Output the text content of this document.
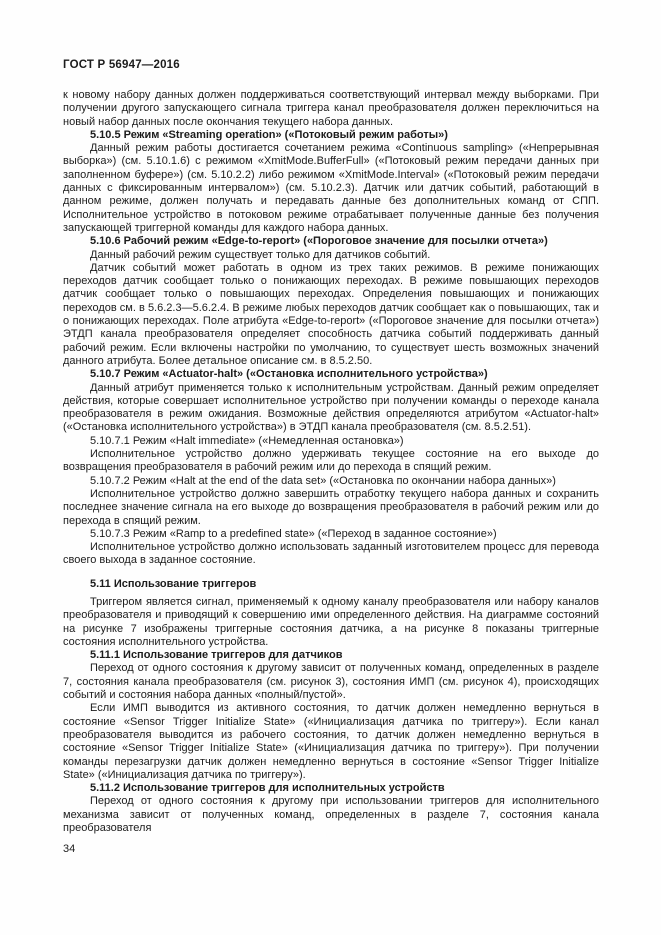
ГОСТ Р 56947—2016
к новому набору данных должен поддерживаться соответствующий интервал между выборками. При получении другого запускающего сигнала триггера канал преобразователя должен переключиться на новый набор данных после окончания текущего набора данных.
5.10.5 Режим «Streaming operation» («Потоковый режим работы»)
Данный режим работы достигается сочетанием режима «Continuous sampling» («Непрерывная выборка») (см. 5.10.1.6) с режимом «XmitMode.BufferFull» («Потоковый режим передачи данных при заполненном буфере») (см. 5.10.2.2) либо режимом «XmitMode.Interval» («Потоковый режим передачи данных с фиксированным интервалом») (см. 5.10.2.3). Датчик или датчик событий, работающий в данном режиме, должен получать и передавать данные без дополнительных команд от СПП. Исполнительное устройство в потоковом режиме отрабатывает полученные данные без получения запускающей триггерной команды для каждого набора данных.
5.10.6 Рабочий режим «Edge-to-report» («Пороговое значение для посылки отчета»)
Данный рабочий режим существует только для датчиков событий.
Датчик событий может работать в одном из трех таких режимов. В режиме понижающих переходов датчик сообщает только о понижающих переходах. В режиме повышающих переходов датчик сообщает только о повышающих переходах. Определения повышающих и понижающих переходов см. в 5.6.2.3—5.6.2.4. В режиме любых переходов датчик сообщает как о повышающих, так и о понижающих переходах. Поле атрибута «Edge-to-report» («Пороговое значение для посылки отчета») ЭТДП канала преобразователя определяет способность датчика событий поддерживать данный рабочий режим. Если включены настройки по умолчанию, то существует шесть возможных значений данного атрибута. Более детальное описание см. в 8.5.2.50.
5.10.7 Режим «Actuator-halt» («Остановка исполнительного устройства»)
Данный атрибут применяется только к исполнительным устройствам. Данный режим определяет действия, которые совершает исполнительное устройство при получении команды о переходе канала преобразователя в режим ожидания. Возможные действия определяются атрибутом «Actuator-halt» («Остановка исполнительного устройства») в ЭТДП канала преобразователя (см. 8.5.2.51).
5.10.7.1 Режим «Halt immediate» («Немедленная остановка»)
Исполнительное устройство должно удерживать текущее состояние на его выходе до возвращения преобразователя в рабочий режим или до перехода в спящий режим.
5.10.7.2 Режим «Halt at the end of the data set» («Остановка по окончании набора данных»)
Исполнительное устройство должно завершить отработку текущего набора данных и сохранить последнее значение сигнала на его выходе до возвращения преобразователя в рабочий режим или до перехода в спящий режим.
5.10.7.3 Режим «Ramp to a predefined state» («Переход в заданное состояние»)
Исполнительное устройство должно использовать заданный изготовителем процесс для перевода своего выхода в заданное состояние.
5.11 Использование триггеров
Триггером является сигнал, применяемый к одному каналу преобразователя или набору каналов преобразователя и приводящий к совершению ими определенного действия. На диаграмме состояний на рисунке 7 изображены триггерные состояния датчика, а на рисунке 8 показаны триггерные состояния исполнительного устройства.
5.11.1 Использование триггеров для датчиков
Переход от одного состояния к другому зависит от полученных команд, определенных в разделе 7, состояния канала преобразователя (см. рисунок 3), состояния ИМП (см. рисунок 4), происходящих событий и состояния набора данных «полный/пустой».
Если ИМП выводится из активного состояния, то датчик должен немедленно вернуться в состояние «Sensor Trigger Initialize State» («Инициализация датчика по триггеру»). Если канал преобразователя выводится из рабочего состояния, то датчик должен немедленно вернуться в состояние «Sensor Trigger Initialize State» («Инициализация датчика по триггеру»). При получении команды перезагрузки датчик должен немедленно вернуться в состояние «Sensor Trigger Initialize State» («Инициализация датчика по триггеру»).
5.11.2 Использование триггеров для исполнительных устройств
Переход от одного состояния к другому при использовании триггеров для исполнительного механизма зависит от полученных команд, определенных в разделе 7, состояния канала преобразователя
34
